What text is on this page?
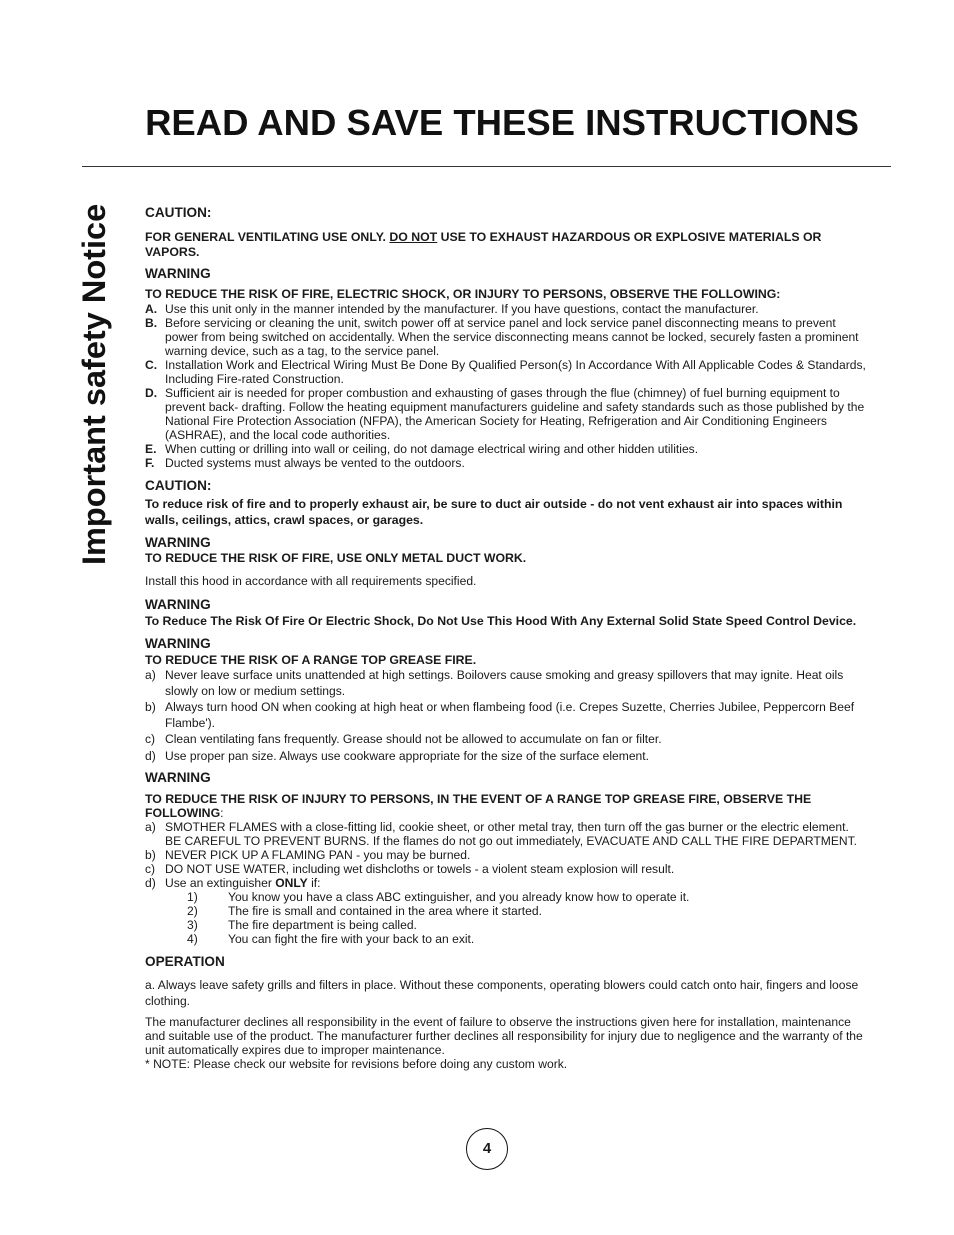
READ AND SAVE THESE INSTRUCTIONS
Important safety Notice CAUTION:

FOR GENERAL VENTILATING USE ONLY. DO NOT USE TO EXHAUST HAZARDOUS OR EXPLOSIVE MATERIALS OR VAPORS.

WARNING

TO REDUCE THE RISK OF FIRE, ELECTRIC SHOCK, OR INJURY TO PERSONS, OBSERVE THE FOLLOWING:

A. Use this unit only in the manner intended by the manufacturer. If you have questions, contact the manufacturer.
B. Before servicing or cleaning the unit, switch power off at service panel and lock service panel disconnecting means to prevent power from being switched on accidentally. When the service disconnecting means cannot be locked, securely fasten a prominent warning device, such as a tag, to the service panel.
C. Installation Work and Electrical Wiring Must Be Done By Qualified Person(s) In Accordance With All Applicable Codes & Standards, Including Fire-rated Construction.
D. Sufficient air is needed for proper combustion and exhausting of gases through the flue (chimney) of fuel burning equipment to prevent back- drafting. Follow the heating equipment manufacturers guideline and safety standards such as those published by the National Fire Protection Association (NFPA), the American Society for Heating, Refrigeration and Air Conditioning Engineers (ASHRAE), and the local code authorities.
E. When cutting or drilling into wall or ceiling, do not damage electrical wiring and other hidden utilities.
F. Ducted systems must always be vented to the outdoors.

CAUTION:

To reduce risk of fire and to properly exhaust air, be sure to duct air outside - do not vent exhaust air into spaces within walls, ceilings, attics, crawl spaces, or garages.

WARNING

TO REDUCE THE RISK OF FIRE, USE ONLY METAL DUCT WORK.

Install this hood in accordance with all requirements specified.

WARNING

To Reduce The Risk Of Fire Or Electric Shock, Do Not Use This Hood With Any External Solid State Speed Control Device.

WARNING

TO REDUCE THE RISK OF A RANGE TOP GREASE FIRE.

a) Never leave surface units unattended at high settings. Boilovers cause smoking and greasy spillovers that may ignite. Heat oils slowly on low or medium settings.
b) Always turn hood ON when cooking at high heat or when flambeing food (i.e. Crepes Suzette, Cherries Jubilee, Peppercorn Beef Flambe').
c) Clean ventilating fans frequently. Grease should not be allowed to accumulate on fan or filter.
d) Use proper pan size. Always use cookware appropriate for the size of the surface element.

WARNING

TO REDUCE THE RISK OF INJURY TO PERSONS, IN THE EVENT OF A RANGE TOP GREASE FIRE, OBSERVE THE FOLLOWING:

a) SMOTHER FLAMES with a close-fitting lid, cookie sheet, or other metal tray, then turn off the gas burner or the electric element. BE CAREFUL TO PREVENT BURNS. If the flames do not go out immediately, EVACUATE AND CALL THE FIRE DEPARTMENT.
b) NEVER PICK UP A FLAMING PAN - you may be burned.
c) DO NOT USE WATER, including wet dishcloths or towels - a violent steam explosion will result.
d) Use an extinguisher ONLY if:
1)	You know you have a class ABC extinguisher, and you already know how to operate it.
2)	The fire is small and contained in the area where it started.
3)	The fire department is being called.
4)	You can fight the fire with your back to an exit.

OPERATION

a. Always leave safety grills and filters in place. Without these components, operating blowers could catch onto hair, fingers and loose clothing.

The manufacturer declines all responsibility in the event of failure to observe the instructions given here for installation, maintenance and suitable use of the product. The manufacturer further declines all responsibility for injury due to negligence and the warranty of the unit automatically expires due to improper maintenance.

* NOTE: Please check our website for revisions before doing any custom work.

4
